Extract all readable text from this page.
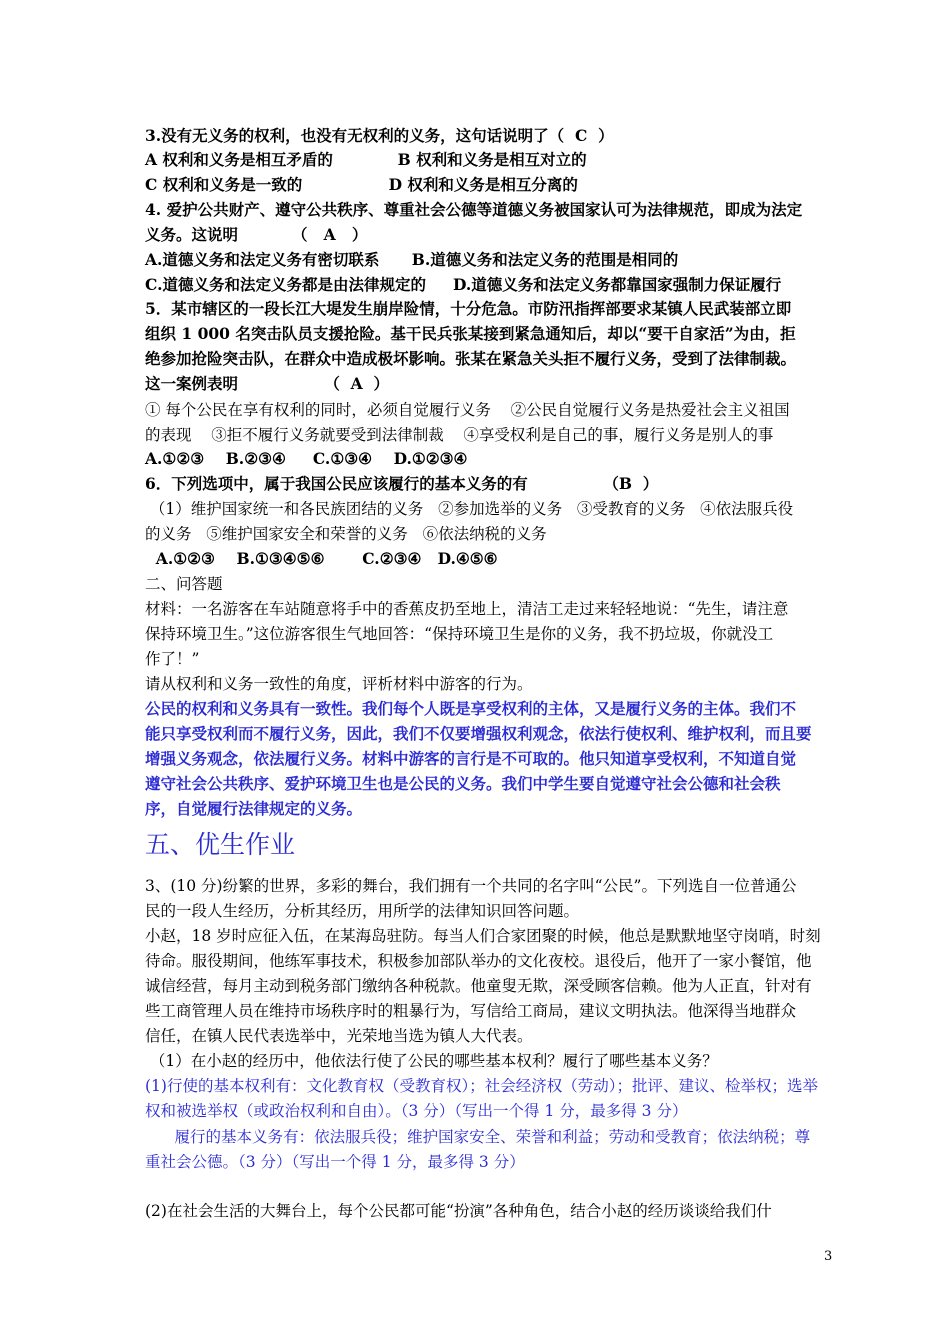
3.没有无义务的权利，也没有无权利的义务，这句话说明了（  C  ）
A 权利和义务是相互矛盾的            B 权利和义务是相互对立的
C 权利和义务是一致的                D 权利和义务是相互分离的
4. 爱护公共财产、遵守公共秩序、尊重社会公德等道德义务被国家认可为法律规范，即成为法定
义务。这说明          （   A   ）
A.道德义务和法定义务有密切联系      B.道德义务和法定义务的范围是相同的
C.道德义务和法定义务都是由法律规定的     D.道德义务和法定义务都靠国家强制力保证履行
5．某市辖区的一段长江大堤发生崩岸险情，十分危急。市防汛指挥部要求某镇人民武装部立即
组织 1 000 名突击队员支援抢险。基干民兵张某接到紧急通知后，却以“要干自家活”为由，拒
绝参加抢险突击队，在群众中造成极坏影响。张某在紧急关头拒不履行义务，受到了法律制裁。
这一案例表明                （  A  ）
① 每个公民在享有权利的同时，必须自觉履行义务    ②公民自觉履行义务是热爱社会主义祖国
的表现    ③拒不履行义务就要受到法律制裁    ④享受权利是自己的事，履行义务是别人的事
A.①②③    B.②③④     C.①③④    D.①②③④
6．下列选项中，属于我国公民应该履行的基本义务的有              （B  ）
（1）维护国家统一和各民族团结的义务   ②参加选举的义务   ③受教育的义务   ④依法服兵役
的义务   ⑤维护国家安全和荣誉的义务   ⑥依法纳税的义务
A.①②③    B.①③④⑤⑥       C.②③④   D.④⑤⑥
二、问答题
材料：一名游客在车站随意将手中的香蕉皮扔至地上，清洁工走过来轻轻地说：“先生，请注意
保持环境卫生。”这位游客很生气地回答：“保持环境卫生是你的义务，我不扔垃圾，你就没工
作了！”
请从权利和义务一致性的角度，评析材料中游客的行为。
公民的权利和义务具有一致性。我们每个人既是享受权利的主体，又是履行义务的主体。我们不
能只享受权利而不履行义务，因此，我们不仅要增强权利观念，依法行使权利、维护权利，而且要
增强义务观念，依法履行义务。材料中游客的言行是不可取的。他只知道享受权利，不知道自觉
遵守社会公共秩序、爱护环境卫生也是公民的义务。我们中学生要自觉遵守社会公德和社会秩
序，自觉履行法律规定的义务。
五、优生作业
3、(10 分)纷繁的世界，多彩的舞台，我们拥有一个共同的名字叫“公民”。下列选自一位普通公
民的一段人生经历，分析其经历，用所学的法律知识回答问题。
小赵，18 岁时应征入伍，在某海岛驻防。每当人们合家团聚的时候，他总是默默地坚守岗哨，时刻
待命。服役期间，他练军事技术，积极参加部队举办的文化夜校。退役后，他开了一家小餐馆，他
诚信经营，每月主动到税务部门缴纳各种税款。他童叟无欺，深受顾客信赖。他为人正直，针对有
些工商管理人员在维持市场秩序时的粗暴行为，写信给工商局，建议文明执法。他深得当地群众
信任，在镇人民代表选举中，光荣地当选为镇人大代表。
（1）在小赵的经历中，他依法行使了公民的哪些基本权利？履行了哪些基本义务？
(1)行使的基本权利有：文化教育权（受教育权）；社会经济权（劳动）；批评、建议、检举权；选举
权和被选举权（或政治权利和自由）。（3 分）（写出一个得 1 分，最多得 3 分）
履行的基本义务有：依法服兵役；维护国家安全、荣誉和利益；劳动和受教育；依法纳税；尊
重社会公德。（3 分）（写出一个得 1 分，最多得 3 分）
(2)在社会生活的大舞台上，每个公民都可能“扮演”各种角色，结合小赵的经历谈谈给我们什
3
